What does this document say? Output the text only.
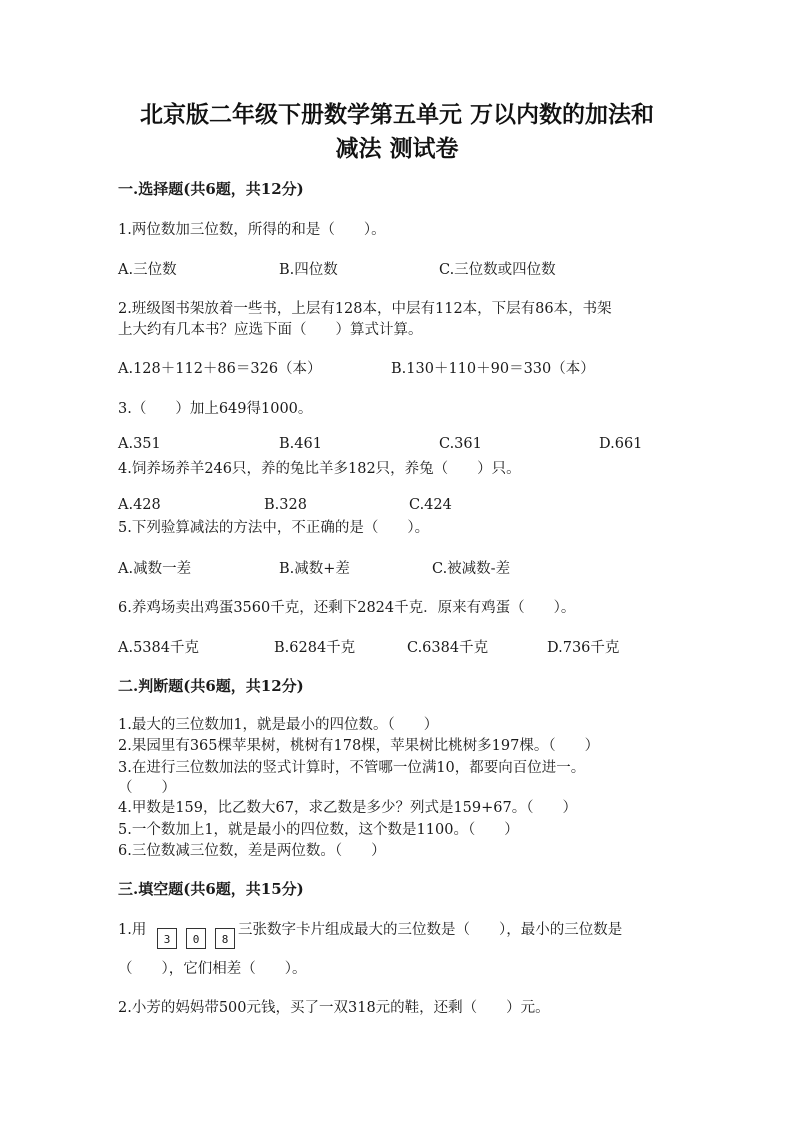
北京版二年级下册数学第五单元 万以内数的加法和
减法 测试卷
一.选择题(共6题，共12分)
1.两位数加三位数，所得的和是（　　）。
A.三位数	B.四位数	C.三位数或四位数
2.班级图书架放着一些书，上层有128本，中层有112本，下层有86本，书架
上大约有几本书？应选下面（　　）算式计算。
A.128＋112＋86＝326（本）	B.130＋110＋90＝330（本）
3.（　　）加上649得1000。
A.351	B.461	C.361	D.661
4.饲养场养羊246只，养的兔比羊多182只，养兔（　　）只。
A.428	B.328	C.424
5.下列验算减法的方法中，不正确的是（　　）。
A.减数一差	B.减数+差	C.被减数-差
6.养鸡场卖出鸡蛋3560千克，还剩下2824千克．原来有鸡蛋（　　）。
A.5384千克	B.6284千克	C.6384千克	D.736千克
二.判断题(共6题，共12分)
1.最大的三位数加1，就是最小的四位数。（　　）
2.果园里有365棵苹果树，桃树有178棵，苹果树比桃树多197棵。（　　）
3.在进行三位数加法的竖式计算时，不管哪一位满10，都要向百位进一。
（　　）
4.甲数是159，比乙数大67，求乙数是多少？列式是159+67。（　　）
5.一个数加上1，就是最小的四位数，这个数是1100。（　　）
6.三位数减三位数，差是两位数。（　　）
三.填空题(共6题，共15分)
1.用
3	0	8
三张数字卡片组成最大的三位数是（　　），最小的三位数是
（　　），它们相差（　　）。
2.小芳的妈妈带500元钱，买了一双318元的鞋，还剩（　　）元。
